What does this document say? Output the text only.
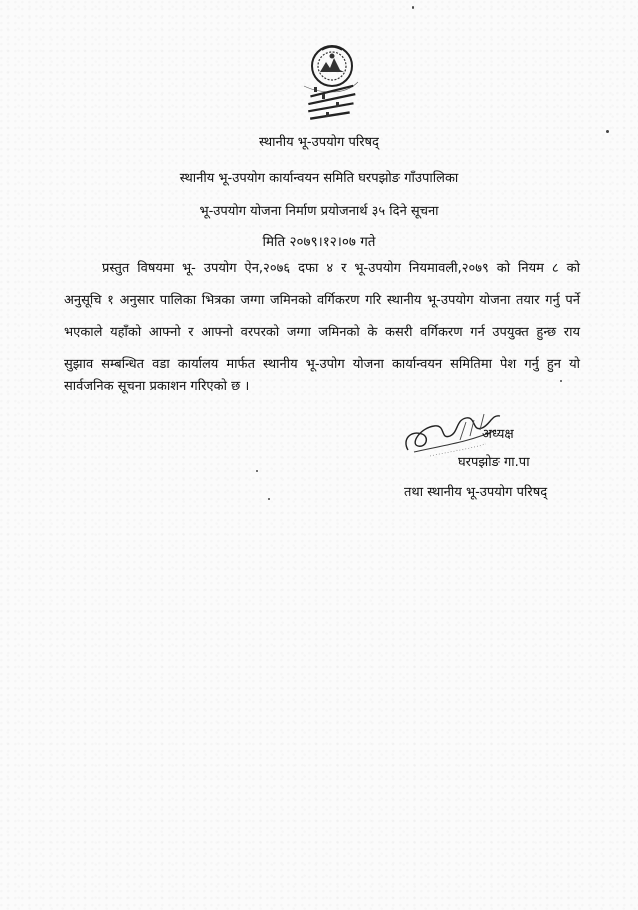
स्थानीय भू-उपयोग परिषद्
स्थानीय भू-उपयोग कार्यान्वयन समिति घरपझोङ गाँउपालिका
भू-उपयोग योजना निर्माण प्रयोजनार्थ ३५ दिने सूचना
मिति २०७९।१२।०७ गते
प्रस्तुत विषयमा भू- उपयोग ऐन,२०७६ दफा ४ र भू-उपयोग नियमावली,२०७९ को नियम ८ को
अनुसूचि १ अनुसार पालिका भित्रका जग्गा जमिनको वर्गिकरण गरि स्थानीय भू-उपयोग योजना तयार गर्नु पर्ने
भएकाले यहाँको आफ्नो र आफ्नो वरपरको जग्गा जमिनको के कसरी वर्गिकरण गर्न उपयुक्त हुन्छ राय
सुझाव सम्बन्धित वडा कार्यालय मार्फत स्थानीय भू-उपोग योजना कार्यान्वयन समितिमा पेश गर्नु हुन यो
सार्वजनिक सूचना प्रकाशन गरिएको छ ।
अध्यक्ष
घरपझोङ गा.पा
तथा स्थानीय भू-उपयोग परिषद्
